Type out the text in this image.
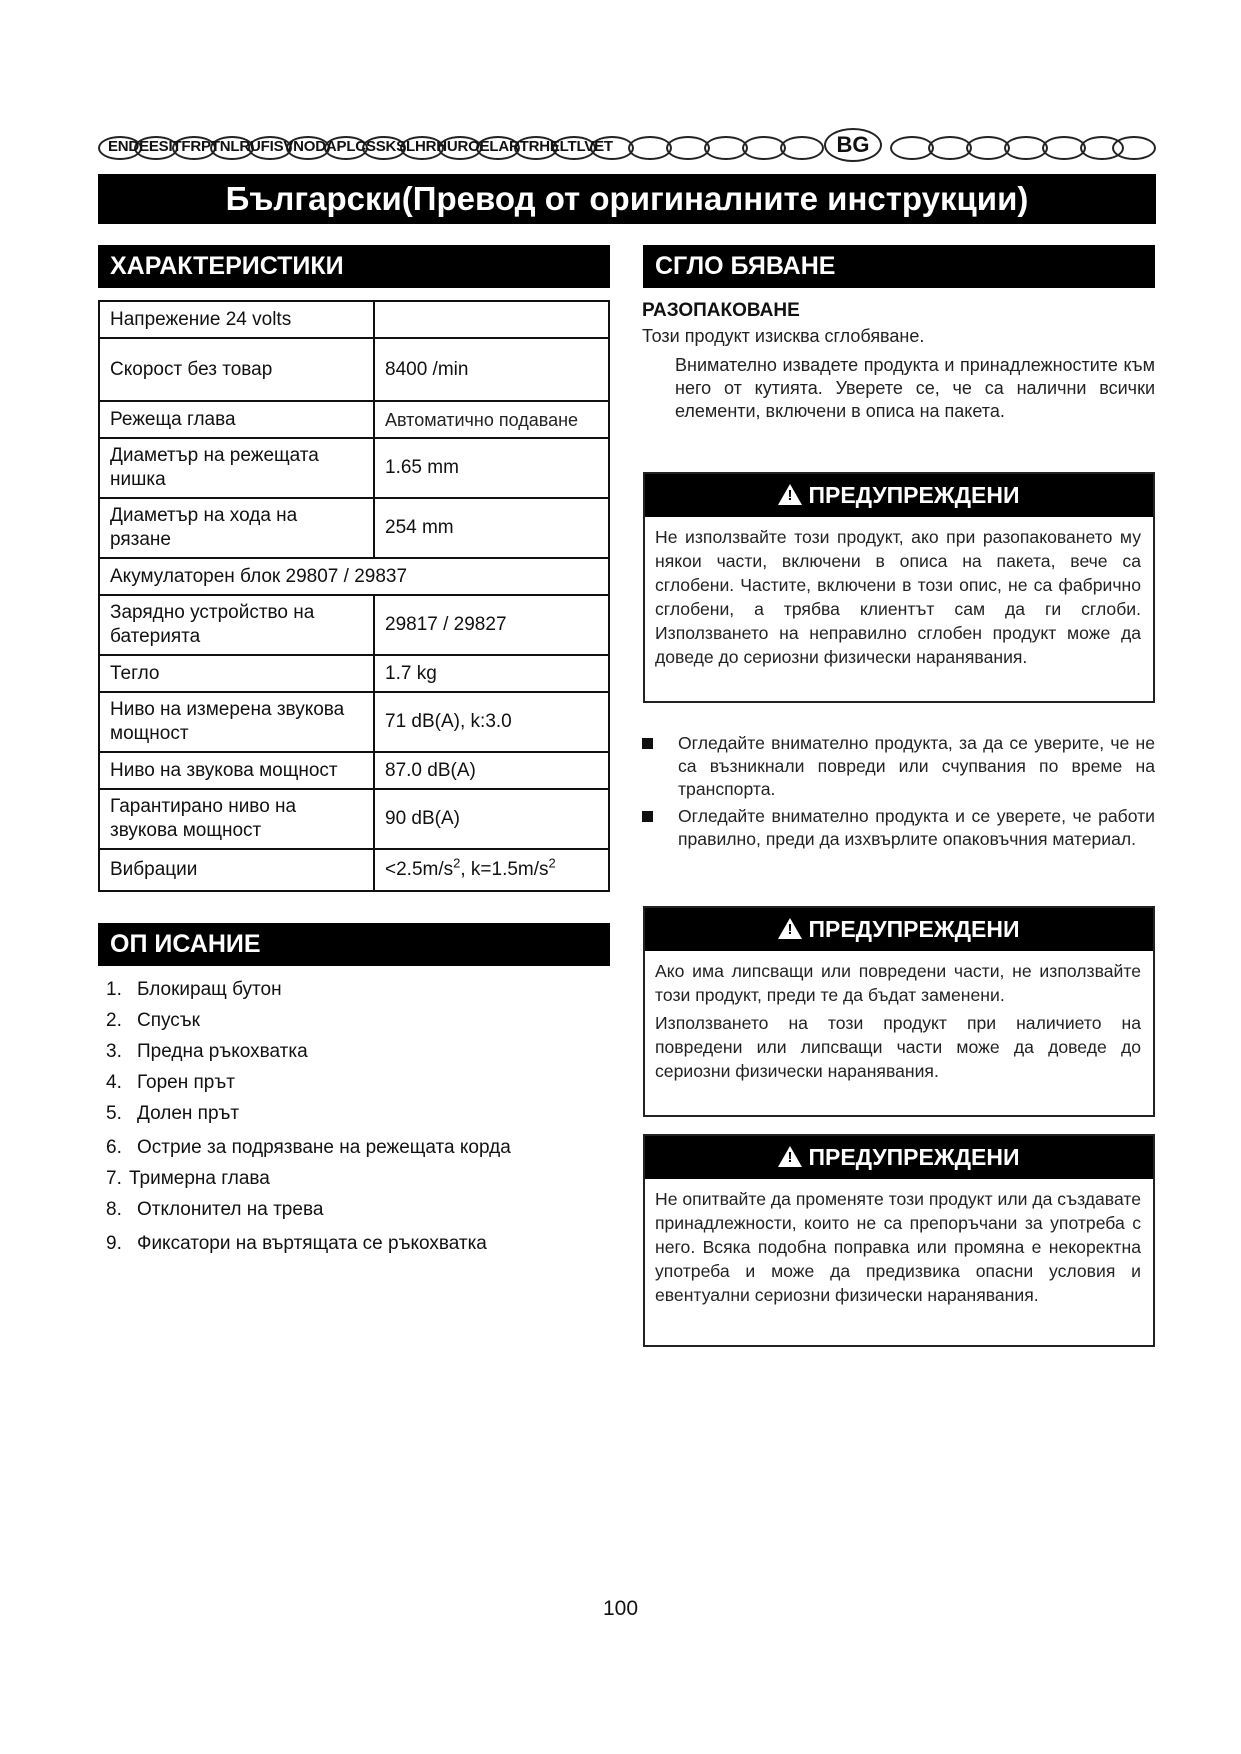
ENDEESITFRPTNLRUFISVNODAPLCSSKSLHRHUROELARTRHELTLVET	BG
Български(Превод от оригиналните инструкции)
ХАРАКТЕРИСТИКИ
Напрежение 24 volts	
Скорост без товар	8400 /min
Режеща глава	Автоматично подаване
Диаметър на режещата нишка	1.65 mm
Диаметър на хода на рязане	254 mm
Акумулаторен блок 29807 / 29837	
Зарядно устройство на батерията	29817 / 29827
Тегло	1.7 kg
Ниво на измерена звукова мощност	71 dB(A), k:3.0
Ниво на звукова мощност	87.0 dB(A)
Гарантирано ниво на звукова мощност	90 dB(A)
Вибрации	$<2.5m/s^2$, $k=1.5m/s^2$
ОП ИСАНИЕ
1. Блокиращ бутон
2. Спусък
3. Предна ръкохватка
4. Горен прът
5. Долен прът
6. Острие за подрязване на режещата корда
7. Тримерна глава
8. Отклонител на трева
9. Фиксатори на въртящата се ръкохватка
СГЛО БЯВАНЕ
РАЗОПАКОВАНЕ
Този продукт изисква сглобяване.
Внимателно извадете продукта и принадлежностите към него от кутията. Уверете се, че са налични всички елементи, включени в описа на пакета.
!ПРЕДУПРЕЖДЕНИ

Не използвайте този продукт, ако при разопаковането му някои части, включени в описа на пакета, вече са сглобени. Частите, включени в този опис, не са фабрично сглобени, а трябва клиентът сам да ги сглоби. Използването на неправилно сглобен продукт може да доведе до сериозни физически наранявания.

Огледайте внимателно продукта, за да се уверите, че не са възникнали повреди или счупвания по време на транспорта.
Огледайте внимателно продукта и се уверете, че работи правилно, преди да изхвърлите опаковъчния материал.
!ПРЕДУПРЕЖДЕНИ

Ако има липсващи или повредени части, не използвайте този продукт, преди те да бъдат заменени.

Използването на този продукт при наличието на повредени или липсващи части може да доведе до сериозни физически наранявания.

!ПРЕДУПРЕЖДЕНИ

Не опитвайте да променяте този продукт или да създавате принадлежности, които не са препоръчани за употреба с него. Всяка подобна поправка или промяна е некоректна употреба и може да предизвика опасни условия и евентуални сериозни физически наранявания.

100
